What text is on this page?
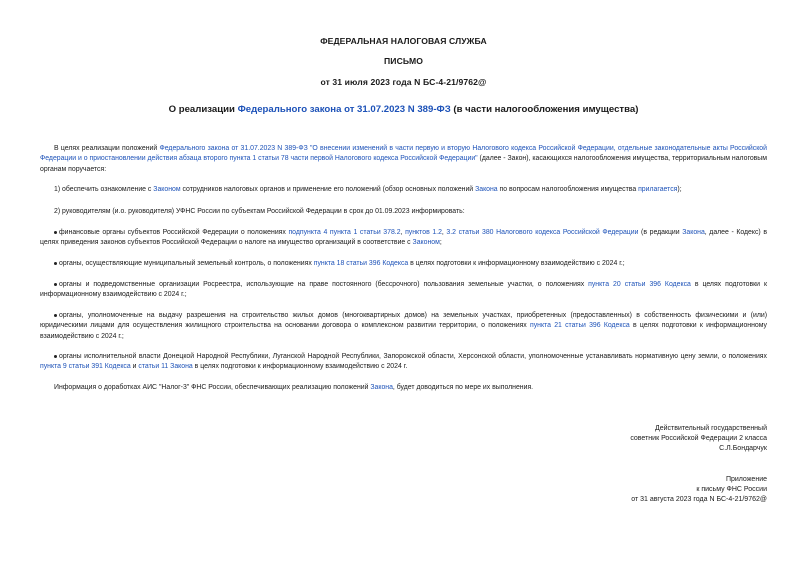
ФЕДЕРАЛЬНАЯ НАЛОГОВАЯ СЛУЖБА
ПИСЬМО
от 31 июля 2023 года N БС-4-21/9762@
О реализации Федерального закона от 31.07.2023 N 389-ФЗ (в части налогообложения имущества)
В целях реализации положений Федерального закона от 31.07.2023 N 389-ФЗ "О внесении изменений в части первую и вторую Налогового кодекса Российской Федерации, отдельные законодательные акты Российской Федерации и о приостановлении действия абзаца второго пункта 1 статьи 78 части первой Налогового кодекса Российской Федерации" (далее - Закон), касающихся налогообложения имущества, территориальным налоговым органам поручается:
1) обеспечить ознакомление с Законом сотрудников налоговых органов и применение его положений (обзор основных положений Закона по вопросам налогообложения имущества прилагается);
2) руководителям (и.о. руководителя) УФНС России по субъектам Российской Федерации в срок до 01.09.2023 информировать:
финансовые органы субъектов Российской Федерации о положениях подпункта 4 пункта 1 статьи 378.2, пунктов 1.2, 3.2 статьи 380 Налогового кодекса Российской Федерации (в редакции Закона, далее - Кодекс) в целях приведения законов субъектов Российской Федерации о налоге на имущество организаций в соответствие с Законом;
органы, осуществляющие муниципальный земельный контроль, о положениях пункта 18 статьи 396 Кодекса в целях подготовки к информационному взаимодействию с 2024 г.;
органы и подведомственные организации Росреестра, использующие на праве постоянного (бессрочного) пользования земельные участки, о положениях пункта 20 статьи 396 Кодекса в целях подготовки к информационному взаимодействию с 2024 г.;
органы, уполномоченные на выдачу разрешения на строительство жилых домов (многоквартирных домов) на земельных участках, приобретенных (предоставленных) в собственность физическими и (или) юридическими лицами для осуществления жилищного строительства на основании договора о комплексном развитии территории, о положениях пункта 21 статьи 396 Кодекса в целях подготовки к информационному взаимодействию с 2024 г.;
органы исполнительной власти Донецкой Народной Республики, Луганской Народной Республики, Запорожской области, Херсонской области, уполномоченные устанавливать нормативную цену земли, о положениях пункта 9 статьи 391 Кодекса и статьи 11 Закона в целях подготовки к информационному взаимодействию с 2024 г.
Информация о доработках АИС "Налог-3" ФНС России, обеспечивающих реализацию положений Закона, будет доводиться по мере их выполнения.
Действительный государственный
советник Российской Федерации 2 класса
С.Л.Бондарчук
Приложение
к письму ФНС России
от 31 августа 2023 года N БС-4-21/9762@
